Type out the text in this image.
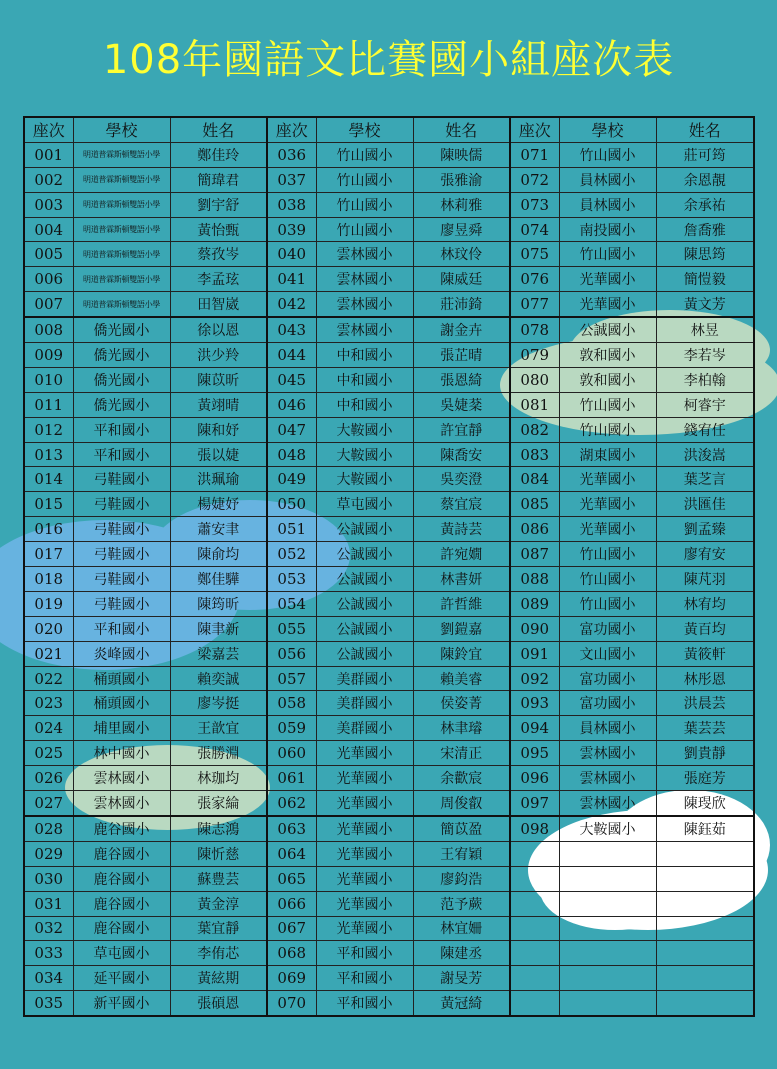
108年國語文比賽國小組座次表
座次	學校	姓名	座次	學校	姓名	座次	學校	姓名
001	明道普霖斯頓雙語小學	鄭佳玲	036	竹山國小	陳映儒	071	竹山國小	莊可筠
002	明道普霖斯頓雙語小學	簡瑋君	037	竹山國小	張雅渝	072	員林國小	余恩靚
003	明道普霖斯頓雙語小學	劉宇舒	038	竹山國小	林莉雅	073	員林國小	余承祐
004	明道普霖斯頓雙語小學	黃怡甄	039	竹山國小	廖昱舜	074	南投國小	詹喬雅
005	明道普霖斯頓雙語小學	蔡孜岑	040	雲林國小	林玟伶	075	竹山國小	陳思筠
006	明道普霖斯頓雙語小學	李孟玹	041	雲林國小	陳威廷	076	光華國小	簡愷毅
007	明道普霖斯頓雙語小學	田智崴	042	雲林國小	莊沛錡	077	光華國小	黃文芳
008	僑光國小	徐以恩	043	雲林國小	謝金卉	078	公誠國小	林昱
009	僑光國小	洪少羚	044	中和國小	張芷晴	079	敦和國小	李若岑
010	僑光國小	陳苡昕	045	中和國小	張恩綺	080	敦和國小	李柏翰
011	僑光國小	黃翊晴	046	中和國小	吳婕棻	081	竹山國小	柯睿宇
012	平和國小	陳和妤	047	大鞍國小	許宜靜	082	竹山國小	錢宥任
013	平和國小	張以婕	048	大鞍國小	陳喬安	083	湖東國小	洪浚嵩
014	弓鞋國小	洪珮瑜	049	大鞍國小	吳奕澄	084	光華國小	葉芝言
015	弓鞋國小	楊婕妤	050	草屯國小	蔡宜宸	085	光華國小	洪匯佳
016	弓鞋國小	蕭安聿	051	公誠國小	黃詩芸	086	光華國小	劉孟臻
017	弓鞋國小	陳俞均	052	公誠國小	許宛嫺	087	竹山國小	廖宥安
018	弓鞋國小	鄭佳驊	053	公誠國小	林書妍	088	竹山國小	陳芃羽
019	弓鞋國小	陳筠昕	054	公誠國小	許哲維	089	竹山國小	林宥均
020	平和國小	陳聿新	055	公誠國小	劉鎧嘉	090	富功國小	黃百均
021	炎峰國小	梁嘉芸	056	公誠國小	陳鈴宜	091	文山國小	黃筱軒
022	桶頭國小	賴奕誠	057	美群國小	賴美睿	092	富功國小	林彤恩
023	桶頭國小	廖岑挺	058	美群國小	侯姿菁	093	富功國小	洪晨芸
024	埔里國小	王歆宜	059	美群國小	林聿璿	094	員林國小	葉芸芸
025	林中國小	張勝淵	060	光華國小	宋清正	095	雲林國小	劉貴靜
026	雲林國小	林珈均	061	光華國小	余歡宸	096	雲林國小	張庭芳
027	雲林國小	張家綸	062	光華國小	周俊叡	097	雲林國小	陳琝欣
028	鹿谷國小	陳志鴻	063	光華國小	簡苡盈	098	大鞍國小	陳鈺茹
029	鹿谷國小	陳忻慈	064	光華國小	王宥穎			
030	鹿谷國小	蘇豊芸	065	光華國小	廖鈞浩			
031	鹿谷國小	黃金淳	066	光華國小	范予蕨			
032	鹿谷國小	葉宜靜	067	光華國小	林宜姍			
033	草屯國小	李侑芯	068	平和國小	陳建丞			
034	延平國小	黃絃期	069	平和國小	謝旻芳			
035	新平國小	張碩恩	070	平和國小	黃冠綺			
